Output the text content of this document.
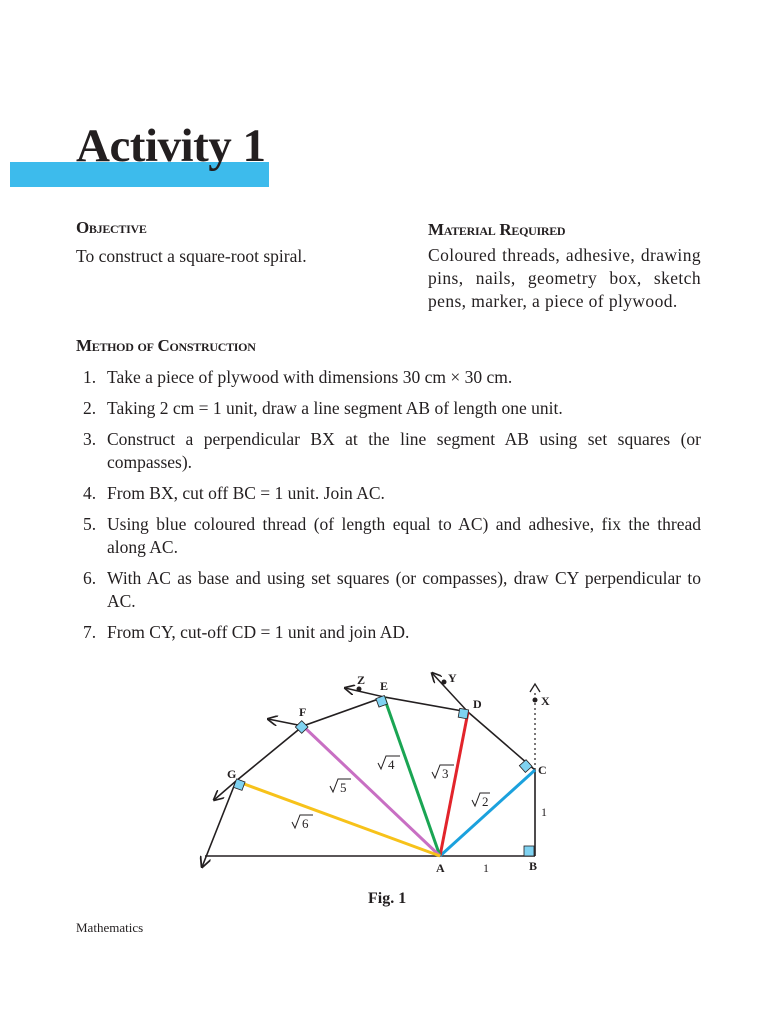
Activity 1
Objective
To construct a square-root spiral.
Material Required
Coloured threads, adhesive, drawing pins, nails, geometry box, sketch pens, marker, a piece of plywood.
Method of Construction
1. Take a piece of plywood with dimensions 30 cm × 30 cm.
2. Taking 2 cm = 1 unit, draw a line segment AB of length one unit.
3. Construct a perpendicular BX at the line segment AB using set squares (or compasses).
4. From BX, cut off BC = 1 unit. Join AC.
5. Using blue coloured thread (of length equal to AC) and adhesive, fix the thread along AC.
6. With AC as base and using set squares (or compasses), draw CY perpendicular to AC.
7. From CY, cut-off CD = 1 unit and join AD.
A	B
C
D
E
F
G
X
Y
Z
1
1
2
3
4
5
6
Fig. 1
Mathematics
